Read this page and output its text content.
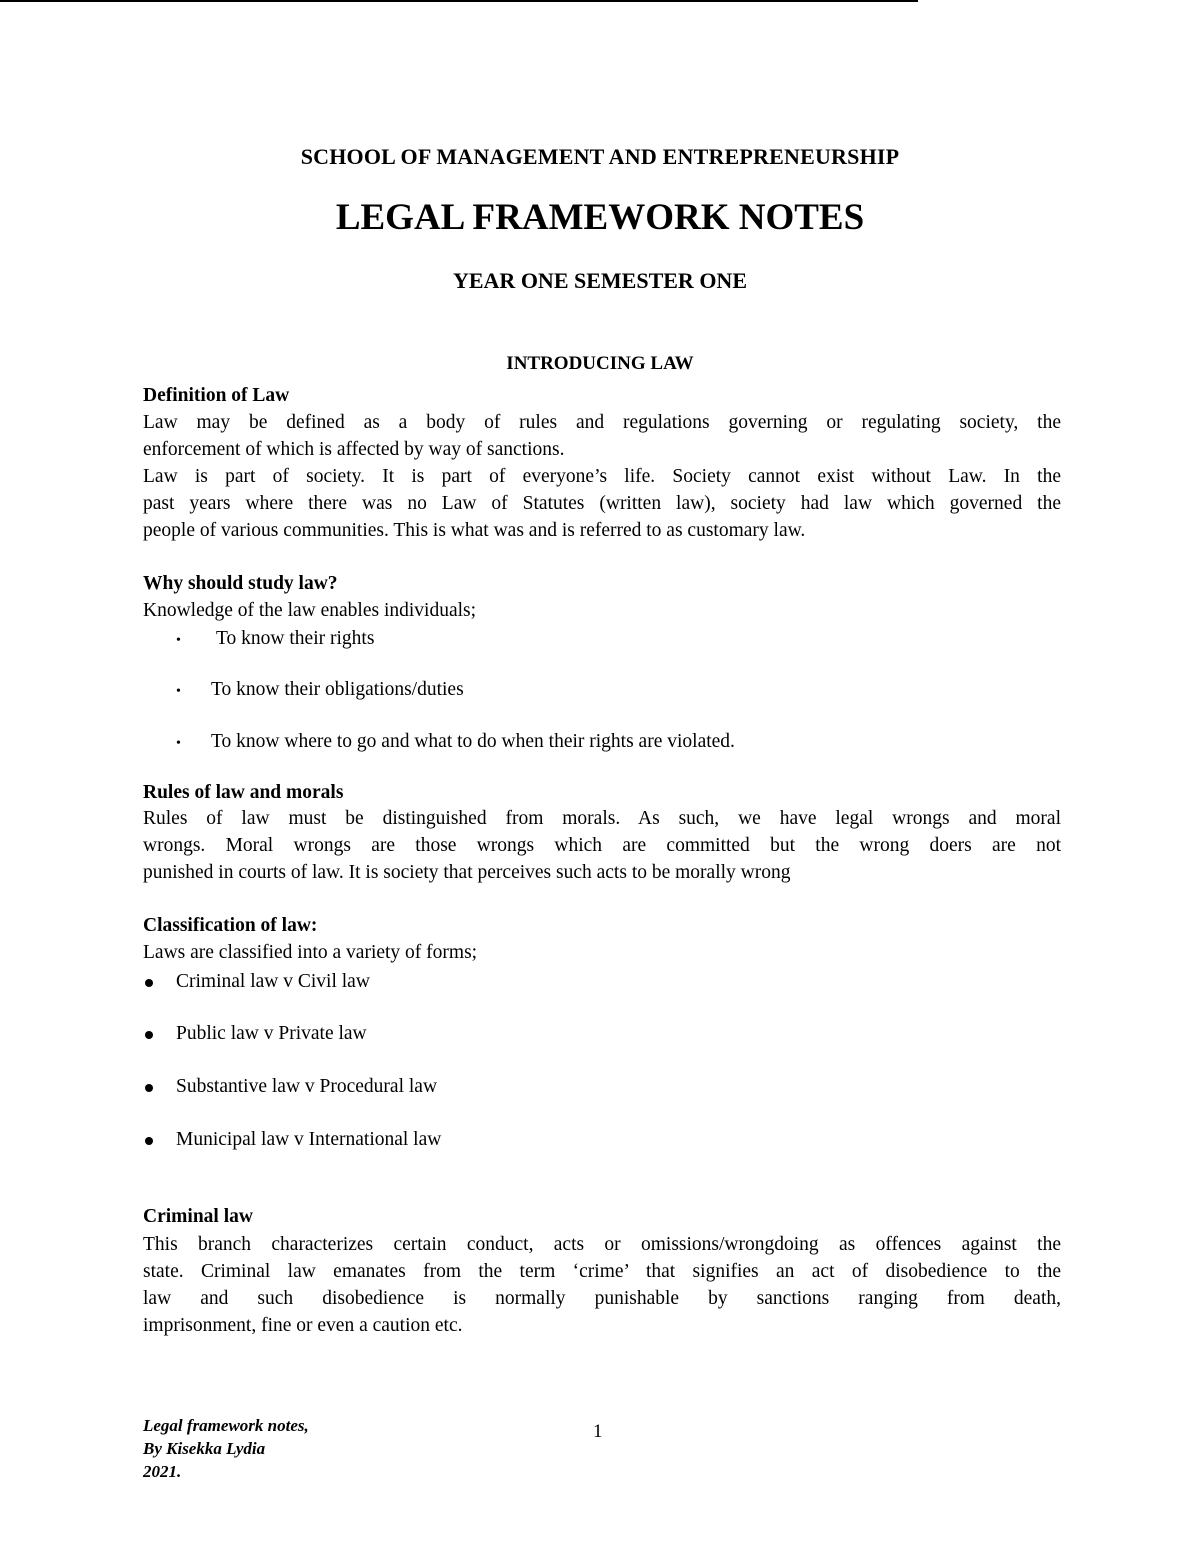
SCHOOL OF MANAGEMENT AND ENTREPRENEURSHIP
LEGAL FRAMEWORK NOTES
YEAR ONE SEMESTER ONE
INTRODUCING LAW
Definition of Law
Law may be defined as a body of rules and regulations governing or regulating society, the
enforcement of which is affected by way of sanctions.
Law is part of society. It is part of everyone’s life. Society cannot exist without Law. In the
past years where there was no Law of Statutes (written law), society had law which governed the
people of various communities. This is what was and is referred to as customary law.
Why should study law?
Knowledge of the law enables individuals;
• To know their rights
• To know their obligations/duties
• To know where to go and what to do when their rights are violated.
Rules of law and morals
Rules of law must be distinguished from morals. As such, we have legal wrongs and moral
wrongs. Moral wrongs are those wrongs which are committed but the wrong doers are not
punished in courts of law. It is society that perceives such acts to be morally wrong
Classification of law:
Laws are classified into a variety of forms;
Criminal law v Civil law
Public law v Private law
Substantive law v Procedural law
Municipal law v International law
Criminal law
This branch characterizes certain conduct, acts or omissions/wrongdoing as offences against the
state. Criminal law emanates from the term ‘crime’ that signifies an act of disobedience to the
law and such disobedience is normally punishable by sanctions ranging from death,
imprisonment, fine or even a caution etc.
Legal framework notes,
By Kisekka Lydia
2021.
1
